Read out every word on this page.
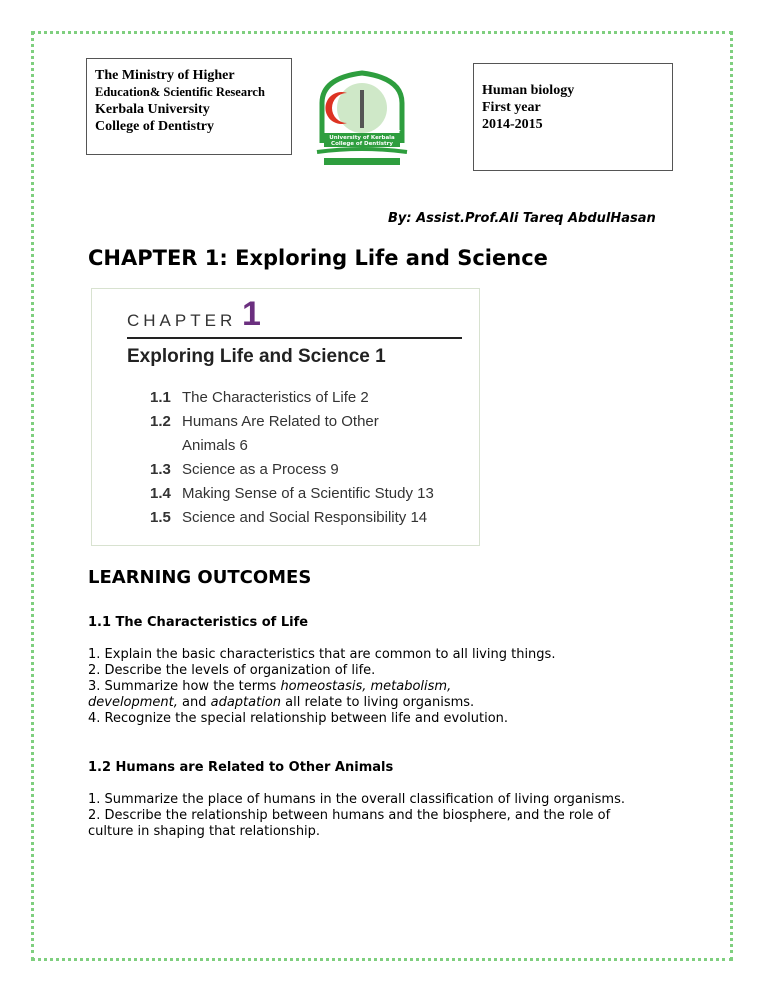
The Ministry of Higher
Education& Scientific Research
Kerbala University
College of Dentistry	1432	2011
University of Kerbala
College of Dentistry
Human biology
First year
2014-2015
By: Assist.Prof.Ali Tareq AbdulHasan
CHAPTER 1: Exploring Life and Science
CHAPTER 1
Exploring Life and Science 1
1.1 The Characteristics of Life 2
1.2 Humans Are Related to Other
Animals 6
1.3 Science as a Process 9
1.4 Making Sense of a Scientific Study 13
1.5 Science and Social Responsibility 14
LEARNING OUTCOMES
1.1 The Characteristics of Life

1. Explain the basic characteristics that are common to all living things.

2. Describe the levels of organization of life.

3. Summarize how the terms homeostasis, metabolism,
development, and adaptation all relate to living organisms.

4. Recognize the special relationship between life and evolution.

1.2 Humans are Related to Other Animals

1. Summarize the place of humans in the overall classification of living organisms.

2. Describe the relationship between humans and the biosphere, and the role of culture in shaping that relationship.
